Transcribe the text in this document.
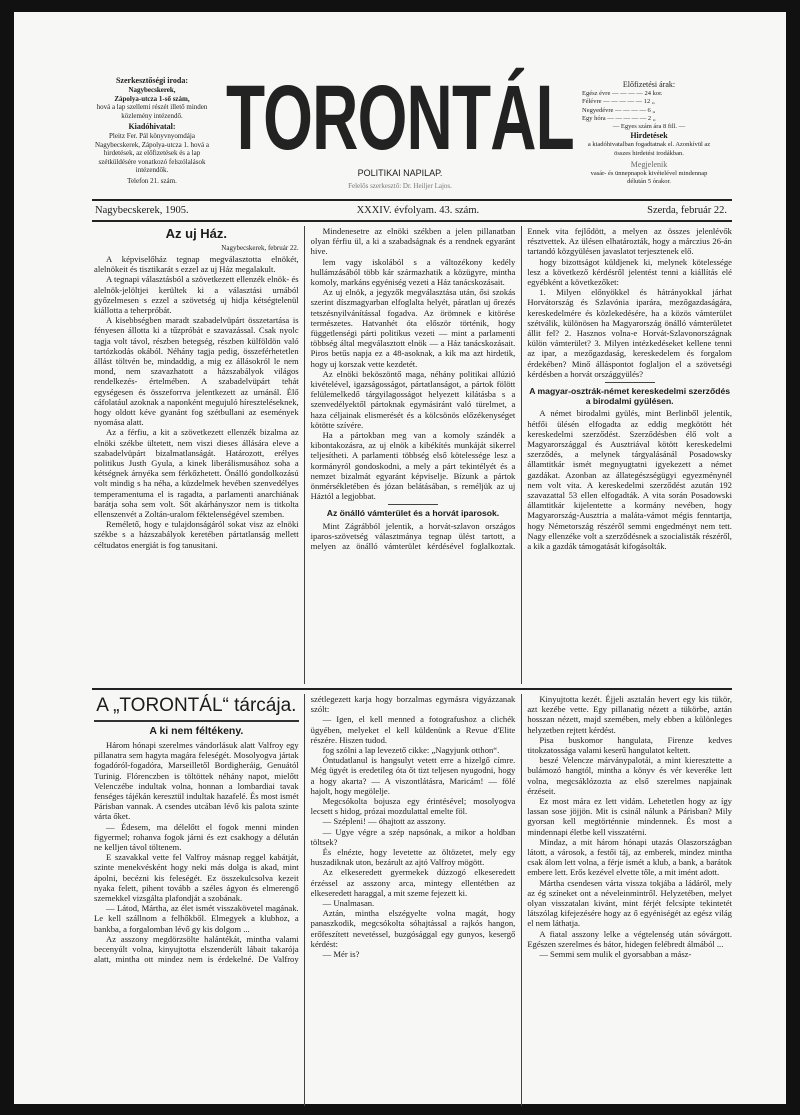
Szerkesztőségi iroda:
Nagybecskerek,
Zápolya-utcza 1-ső szám,
hová a lap szellemi részét illető minden közlemény intézendő.
Kiadóhivatal:
Pleitz Fer. Pál könyvnyomdája Nagybecskerek, Zápolya-utcza 1. hová a hirdetések, az előfizetések és a lap szétküldésére vonatkozó felszólalások intézendők.
Telefon 21. szám.
TORONTÁL
POLITIKAI NAPILAP.
Felelős szerkesztő: Dr. Heiljer Lajos.
Előfizetési árak:
Egész évre — — — — 24 kor.
Félévre — — — — — 12 „
Negyedévre — — — — 6 „
Egy hóra — — — — — 2 „
— Egyes szám ára 8 fill. —
Hirdetések
a kiadóhivatalban fogadtatnak el. Azonkívül az összes hirdetési irodákban.
Megjelenik
vasár- és ünnepnapok kivételével mindennap délután 5 órakor.
Nagybecskerek, 1905.	XXXIV. évfolyam. 43. szám.	Szerda, február 22.
Az uj Ház.
Nagybecskerek, február 22.

A képviselőház tegnap megválasztotta elnökét, alelnökeit és tisztikarát s ezzel az uj Ház megalakult.

A tegnapi választásból a szövetkezett ellenzék elnök- és alelnök-jelöltjei kerültek ki a választási urnából győzelmesen s ezzel a szövetség uj hidja kétségtelenül kiállotta a teherpróbát.

A kisebbségben maradt szabadelvüpárt összetartása is fényesen állotta ki a tűzpróbát e szavazással. Csak nyolc tagja volt távol, részben betegség, részben külföldön való tartózkodás okából. Néhány tagja pedig, összeférhetetlen állást töltvén be, mindaddig, a mig ez állásokról le nem mond, nem szavazhatott a házszabályok világos rendelkezés- értelmében. A szabadelvüpárt tehát egységesen és összeforrva jelentkezett az urnánál. Élő cáfolatául azoknak a naponként megujuló híreszteléseknek, hogy oldott kéve gyanánt fog szétbullani az események nyomása alatt.

Az a férfiu, a kit a szövetkezett ellenzék bizalma az elnöki székbe ültetett, nem viszi dieses állására eleve a szabadelvüpárt bizalmatlanságát. Határozott, erélyes politikus Justh Gyula, a kinek liberálismusához soha a kétségnek árnyéka sem férkőzhetett. Önálló gondolkozású volt mindig s ha néha, a küzdelmek hevében szenvedélyes temperamentuma el is ragadta, a parlamenti anarchiának barátja soha sem volt. Sőt akárhányszor nem is titkolta ellenszenvét a Zoltán-uralom féktelenségével szemben.

Remélető, hogy e tulajdonságáról sokat visz az elnöki székbe s a házszabályok keretében pártatlanság mellett céltudatos energiát is fog tanusitani.

Mindenesetre az elnöki székben a jelen pillanatban olyan férfiu ül, a ki a szabadságnak és a rendnek egyaránt hive.

lem vagy iskolából s a változékony kedély hullámzásából több kár származhatik a közügyre, mintha komoly, markáns egyéniség vezeti a Ház tanácskozásait.

Az uj elnök, a jegyzők megválasztása után, ősi szokás szerint díszmagyarban elfoglalta helyét, páratlan uj őrezés tetszésnyilvánítással fogadva. Az örömnek e kitörése természetes. Hatvanhét óta először történik, hogy függetlenségi párti politikus vezeti — mint a parlamenti többség által megválasztott elnök — a Ház tanácskozásait. Piros betűs napja ez a 48-asoknak, a kik ma azt hirdetik, hogy uj korszak vette kezdetét.

Az elnöki beköszöntő maga, néhány politikai allúzió kivételével, igazságosságot, pártatlanságot, a pártok fölött felülemelkedő tárgyilagosságot helyezett kilátásba s a szenvedélyektől pártoknak egymásiránt való türelmet, a haza céljainak elismerését és a kölcsönös előzékenységet kötötte szívére.

Ha a pártokban meg van a komoly szándék a kibontakozásra, az uj elnök a kibékítés munkáját sikerrel teljesítheti. A parlamenti többség első kötelessége lesz a kormányról gondoskodni, a mely a párt tekintélyét és a nemzet bizalmát egyaránt képviselje. Bízunk a pártok önmérsékletében és józan belátásában, s reméljük az uj Háztól a legjobbat.

Az önálló vámterület és a horvát iparosok.

Mint Zágrábból jelentik, a horvát-szlavon országos iparos-szövetség választmánya tegnap ülést tartott, a melyen az önálló vámterület kérdésével foglalkoztak. Ennek vita fejlődött, a melyen az összes jelenlévők résztvettek. Az ülésen elhatározták, hogy a márczius 26-án tartandó közgyülésen javaslatot terjesztenek elő.

hogy bizottságot küldjenek ki, melynek kötelessége lesz a következő kérdésről jelentést tenni a kiállítás elé egyébként a következőket:

1. Milyen előnyökkel és hátrányokkal járhat Horvátország és Szlavónia iparára, mezőgazdaságára, kereskedelmére és közlekedésére, ha a közös vámterület szétválik, különösen ha Magyarország önálló vámterületet állit fel? 2. Hasznos volna-e Horvát-Szlavonországnak külön vámterület? 3. Milyen intézkedéseket kellene tenni az ipar, a mezőgazdaság, kereskedelem és forgalom érdekében? Minő álláspontot foglaljon el a szövetségi kérdésben a horvát országgyülés?

A magyar-osztrák-német kereskedelmi szerződés a birodalmi gyülésen.

A német birodalmi gyülés, mint Berlinből jelentik, hétfői ülésén elfogadta az eddig megkötött hét kereskedelmi szerződést. Szerződésben élő volt a Magyarországgal és Ausztriával kötött kereskedelmi szerződés, a melynek tárgyalásánál Posadowsky államtitkár ismét megnyugtatni igyekezett a német gazdákat. Azonban az állategészségügyi egyezménynél nem volt vita. A kereskedelmi szerződést azután 192 szavazattal 53 ellen elfogadták. A vita során Posadowski államtitkár kijelentette a kormány nevében, hogy Magyarország-Ausztria a maláta-vámot mégis fenntartja, hogy Németország részéről semmi engedményt nem tett. Nagy ellenzéke volt a szerződésnek a szocialisták részéről, a kik a gazdák támogatását kifogásolták.

A „TORONTÁL“ tárcája.
A ki nem féltékeny.

Három hónapi szerelmes vándorlásuk alatt Valfroy egy pillanatra sem hagyta magára feleségét. Mosolyogva jártak fogadóról-fogadóra, Marseilletől Bordigheráig, Genuától Turinig. Flórenczben is töltöttek néhány napot, mielőtt Velenczébe indultak volna, honnan a lombardiai tavak fenséges tájékán keresztül indultak hazafelé. És most ismét Párisban vannak. A csendes utcában lévő kis palota szinte várta őket.

— Édesem, ma délelőtt el fogok menni minden figyermel; rohanva fogok járni és ezt csakhogy a délután ne kelljen távol töltenem.

E szavakkal vette fel Valfroy másnap reggel kabátját, szinte menekvésként hogy neki más dolga is akad, mint ápolni, becézni kis feleségét. Ez összekulcsolva kezeit nyaka felett, pihent tovább a széles ágyon és elmerengő szemekkel vizsgálta plafondját a szobának.

— Látod, Mártha, az élet ismét visszakövetel magának. Le kell szállnom a felhőkből. Elmegyek a klubhoz, a bankba, a forgalomban lévő gy kis dolgom ...

Az asszony megdörzsölte halántékát, mintha valami becenyúlt volna, kinyujtotta elszenderült lábait takarója alatt, mintha ott mindez nem is érdekelné. De Valfroy szétlegezett karja hogy borzalmas egymásra vigyázzanak szólt:

— Igen, el kell menned a fotografushoz a clichék ügyében, melyeket el kell küldenünk a Revue d'Elite részére. Hiszen tudod.

fog szólni a lap levezető cikke: „Nagyjunk otthon“.

Óntudatlanul is hangsulyt vetett erre a hizelgő címre. Még ügyét is eredetileg óta őt tizt teljesen nyugodni, hogy a hogy akarta? — A viszontlátásra, Maricám! — fölé hajolt, hogy megölelje.

Megcsókolta bojusza egy érintésével; mosolyogva lecsett s hidog, prózai mozdulattal emelte föl.

— Szépleni! — óhajtott az asszony.

— Ugye végre a szép napsónak, a mikor a holdban töltsek?

És elnézte, hogy levetette az öltözetet, mely egy huszadiknak uton, bezárult az ajtó Valfroy mögött.

Az elkeseredett gyermekek dúzzogó elkeseredett érzéssel az asszony arca, mintegy ellentétben az elkeseredett haraggal, a mit szeme fejezett ki.

— Unalmasan.

Aztán, mintha elszégyelte volna magát, hogy panaszkodik, megcsókolta sóhajtással a rajkós hangon, erőfeszített nevetéssel, buzgósággal egy gunyos, kesergő kérdést:

— Mér is?

Kinyujtotta kezét. Éjjeli asztalán hevert egy kis tükör, azt kezébe vette. Egy pillanatig nézett a tükörbe, aztán hosszan nézett, majd szemében, mely ebben a különleges helyzetben rejtett kérdést.

Pisa buskomor hangulata, Firenze kedves titokzatossága valami keserű hangulatot keltett.

beszé Velencze márványpalotái, a mint kieresztette a bulámozó hangtól, mintha a könyv és vér keveréke lett volna, megcsáklózozta az első szerelmes napjainak érzéseit.

Ez most mára ez lett vidám. Lehetetlen hogy az így lassan sose jöjjön. Mit is csinál nálunk a Párisban? Mily gyorsan kell megtörténnie mindennek. És most a mindennapi életbe kell visszatérni.

Mindaz, a mit három hónapi utazás Olaszországban látott, a városok, a festői táj, az emberek, mindez mintha csak álom lett volna, a férje ismét a klub, a bank, a barátok embere lett. Erős kezével elvette tőle, a mit imént adott.

Mártha csendesen várta vissza tokjába a ládáról, mely az ég színeket ont a néveleinmintről. Helyzetében, melyet olyan visszatalan kivánt, mint férjét felcsípte tekintetét látszólag kifejezésére hogy az ő egyéniségét az egész világ el nem láthatja.

A fiatal asszony lelke a végtelenség után sóvárgott. Egészen szerelmes és bátor, hidegen felébredt álmából ...

— Semmi sem mulik el gyorsabban a mász-
